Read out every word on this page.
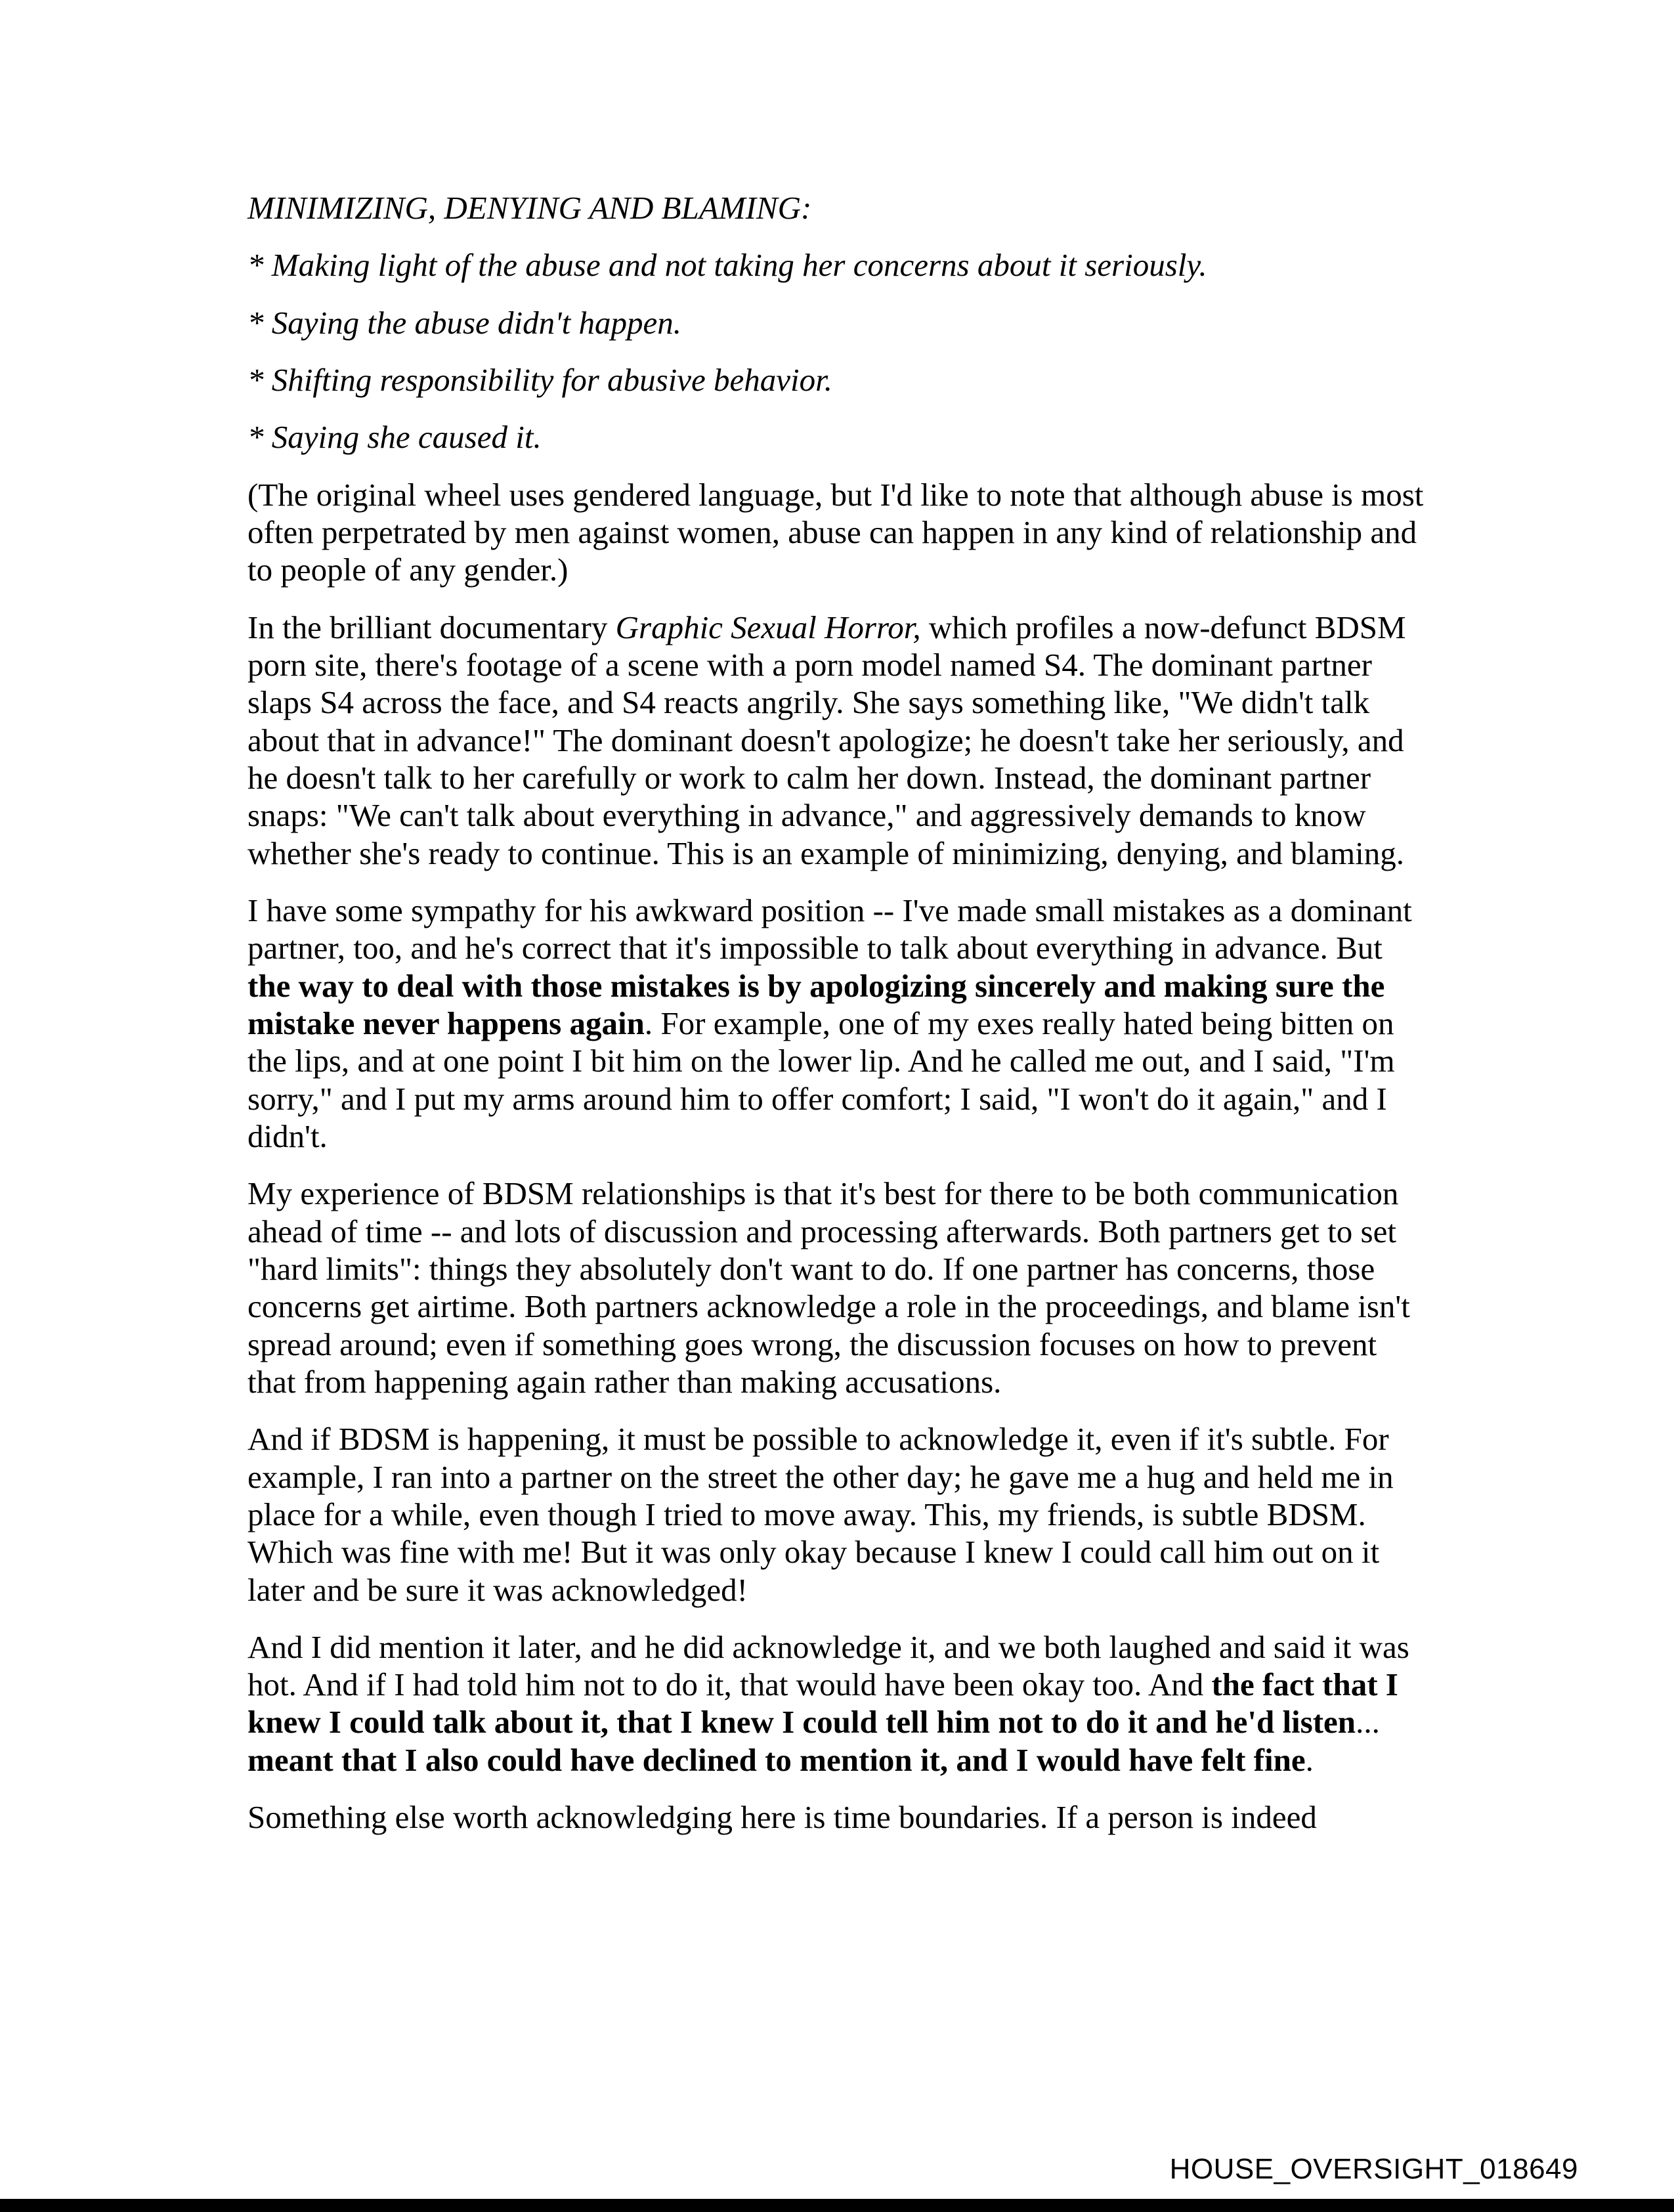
MINIMIZING, DENYING AND BLAMING:

* Making light of the abuse and not taking her concerns about it seriously.

* Saying the abuse didn't happen.

* Shifting responsibility for abusive behavior.

* Saying she caused it.

(The original wheel uses gendered language, but I'd like to note that although abuse is most often perpetrated by men against women, abuse can happen in any kind of relationship and to people of any gender.)

In the brilliant documentary Graphic Sexual Horror, which profiles a now-defunct BDSM porn site, there's footage of a scene with a porn model named S4. The dominant partner slaps S4 across the face, and S4 reacts angrily. She says something like, "We didn't talk about that in advance!" The dominant doesn't apologize; he doesn't take her seriously, and he doesn't talk to her carefully or work to calm her down. Instead, the dominant partner snaps: "We can't talk about everything in advance," and aggressively demands to know whether she's ready to continue. This is an example of minimizing, denying, and blaming.

I have some sympathy for his awkward position -- I've made small mistakes as a dominant partner, too, and he's correct that it's impossible to talk about everything in advance. But the way to deal with those mistakes is by apologizing sincerely and making sure the mistake never happens again. For example, one of my exes really hated being bitten on the lips, and at one point I bit him on the lower lip. And he called me out, and I said, "I'm sorry," and I put my arms around him to offer comfort; I said, "I won't do it again," and I didn't.

My experience of BDSM relationships is that it's best for there to be both communication ahead of time -- and lots of discussion and processing afterwards. Both partners get to set "hard limits": things they absolutely don't want to do. If one partner has concerns, those concerns get airtime. Both partners acknowledge a role in the proceedings, and blame isn't spread around; even if something goes wrong, the discussion focuses on how to prevent that from happening again rather than making accusations.

And if BDSM is happening, it must be possible to acknowledge it, even if it's subtle. For example, I ran into a partner on the street the other day; he gave me a hug and held me in place for a while, even though I tried to move away. This, my friends, is subtle BDSM. Which was fine with me! But it was only okay because I knew I could call him out on it later and be sure it was acknowledged!

And I did mention it later, and he did acknowledge it, and we both laughed and said it was hot. And if I had told him not to do it, that would have been okay too. And the fact that I knew I could talk about it, that I knew I could tell him not to do it and he'd listen... meant that I also could have declined to mention it, and I would have felt fine.

Something else worth acknowledging here is time boundaries. If a person is indeed

HOUSE_OVERSIGHT_018649
